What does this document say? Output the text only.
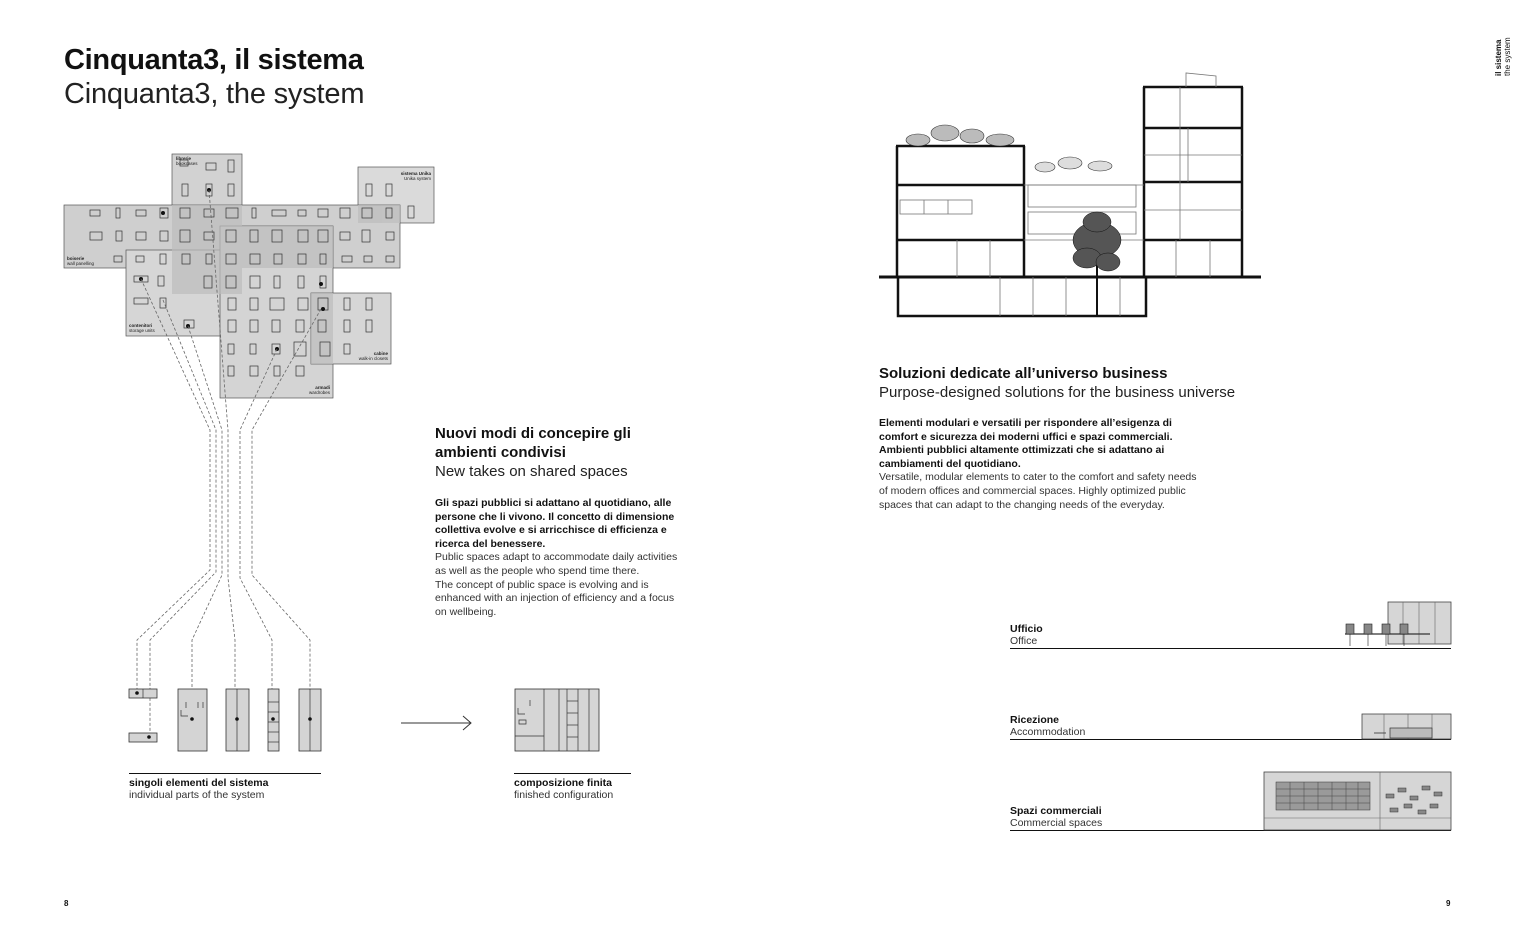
Cinquanta3, il sistema
Cinquanta3, the system
il sistema the system
librerie
bookcases
sistema Unika
Unika system
boiserie
wall panelling
contenitori
storage units
cabine
walk-in closets
armadi
wardrobes
singoli elementi del sistema
individual parts of the system
composizione finita
finished configuration
Nuovi modi di concepire gli
ambienti condivisi
New takes on shared spaces
Gli spazi pubblici si adattano al quotidiano, alle
persone che li vivono. Il concetto di dimensione
collettiva evolve e si arricchisce di efficienza e
ricerca del benessere.
Public spaces adapt to accommodate daily activities
as well as the people who spend time there.
The concept of public space is evolving and is
enhanced with an injection of efficiency and a focus
on wellbeing.
Soluzioni dedicate all’universo business
Purpose-designed solutions for the business universe
Elementi modulari e versatili per rispondere all’esigenza di
comfort e sicurezza dei moderni uffici e spazi commerciali.
Ambienti pubblici altamente ottimizzati che si adattano ai
cambiamenti del quotidiano.
Versatile, modular elements to cater to the comfort and safety needs
of modern offices and commercial spaces. Highly optimized public
spaces that can adapt to the changing needs of the everyday.
Ufficio
Office
Ricezione
Accommodation
Spazi commerciali
Commercial spaces
8	9
